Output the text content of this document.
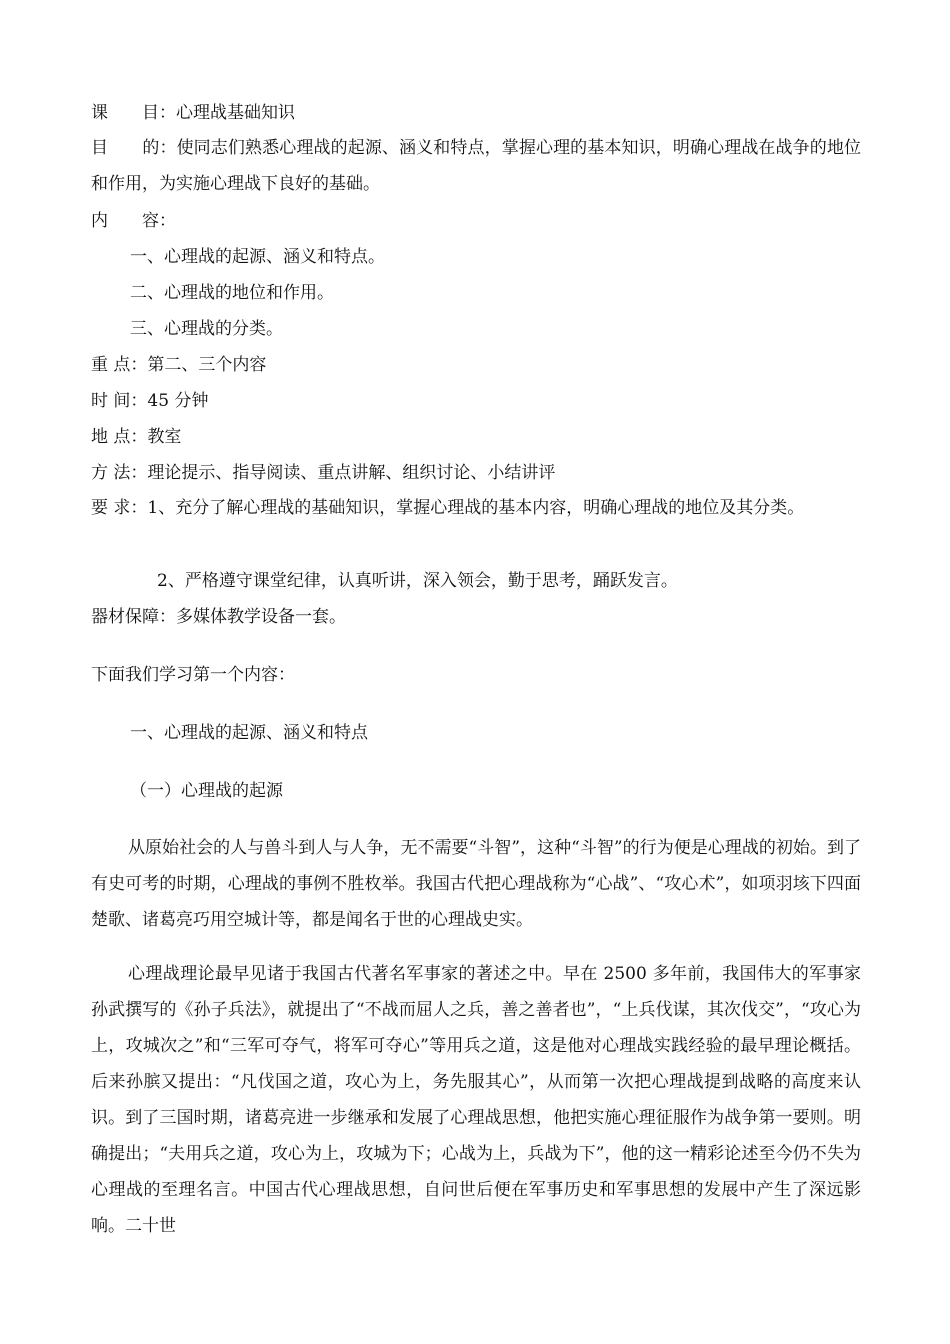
课　　目：心理战基础知识
目　　的：使同志们熟悉心理战的起源、涵义和特点，掌握心理的基本知识，明确心理战在战争的地位和作用，为实施心理战下良好的基础。
内　　容：
一、心理战的起源、涵义和特点。
二、心理战的地位和作用。
三、心理战的分类。
重 点：第二、三个内容
时 间：45 分钟
地 点：教室
方 法：理论提示、指导阅读、重点讲解、组织讨论、小结讲评
要 求：1、充分了解心理战的基础知识，掌握心理战的基本内容，明确心理战的地位及其分类。
2、严格遵守课堂纪律，认真听讲，深入领会，勤于思考，踊跃发言。
器材保障：多媒体教学设备一套。
下面我们学习第一个内容：
一、心理战的起源、涵义和特点
（一）心理战的起源
从原始社会的人与兽斗到人与人争，无不需要“斗智”，这种“斗智”的行为便是心理战的初始。到了有史可考的时期，心理战的事例不胜枚举。我国古代把心理战称为“心战”、“攻心术”，如项羽垓下四面楚歌、诸葛亮巧用空城计等，都是闻名于世的心理战史实。
心理战理论最早见诸于我国古代著名军事家的著述之中。早在 2500 多年前，我国伟大的军事家孙武撰写的《孙子兵法》，就提出了“不战而屈人之兵，善之善者也”，“上兵伐谋，其次伐交”，“攻心为上，攻城次之”和“三军可夺气，将军可夺心”等用兵之道，这是他对心理战实践经验的最早理论概括。后来孙膑又提出：“凡伐国之道，攻心为上，务先服其心”，从而第一次把心理战提到战略的高度来认识。到了三国时期，诸葛亮进一步继承和发展了心理战思想，他把实施心理征服作为战争第一要则。明确提出；“夫用兵之道，攻心为上，攻城为下；心战为上，兵战为下”，他的这一精彩论述至今仍不失为心理战的至理名言。中国古代心理战思想，自问世后便在军事历史和军事思想的发展中产生了深远影响。二十世
